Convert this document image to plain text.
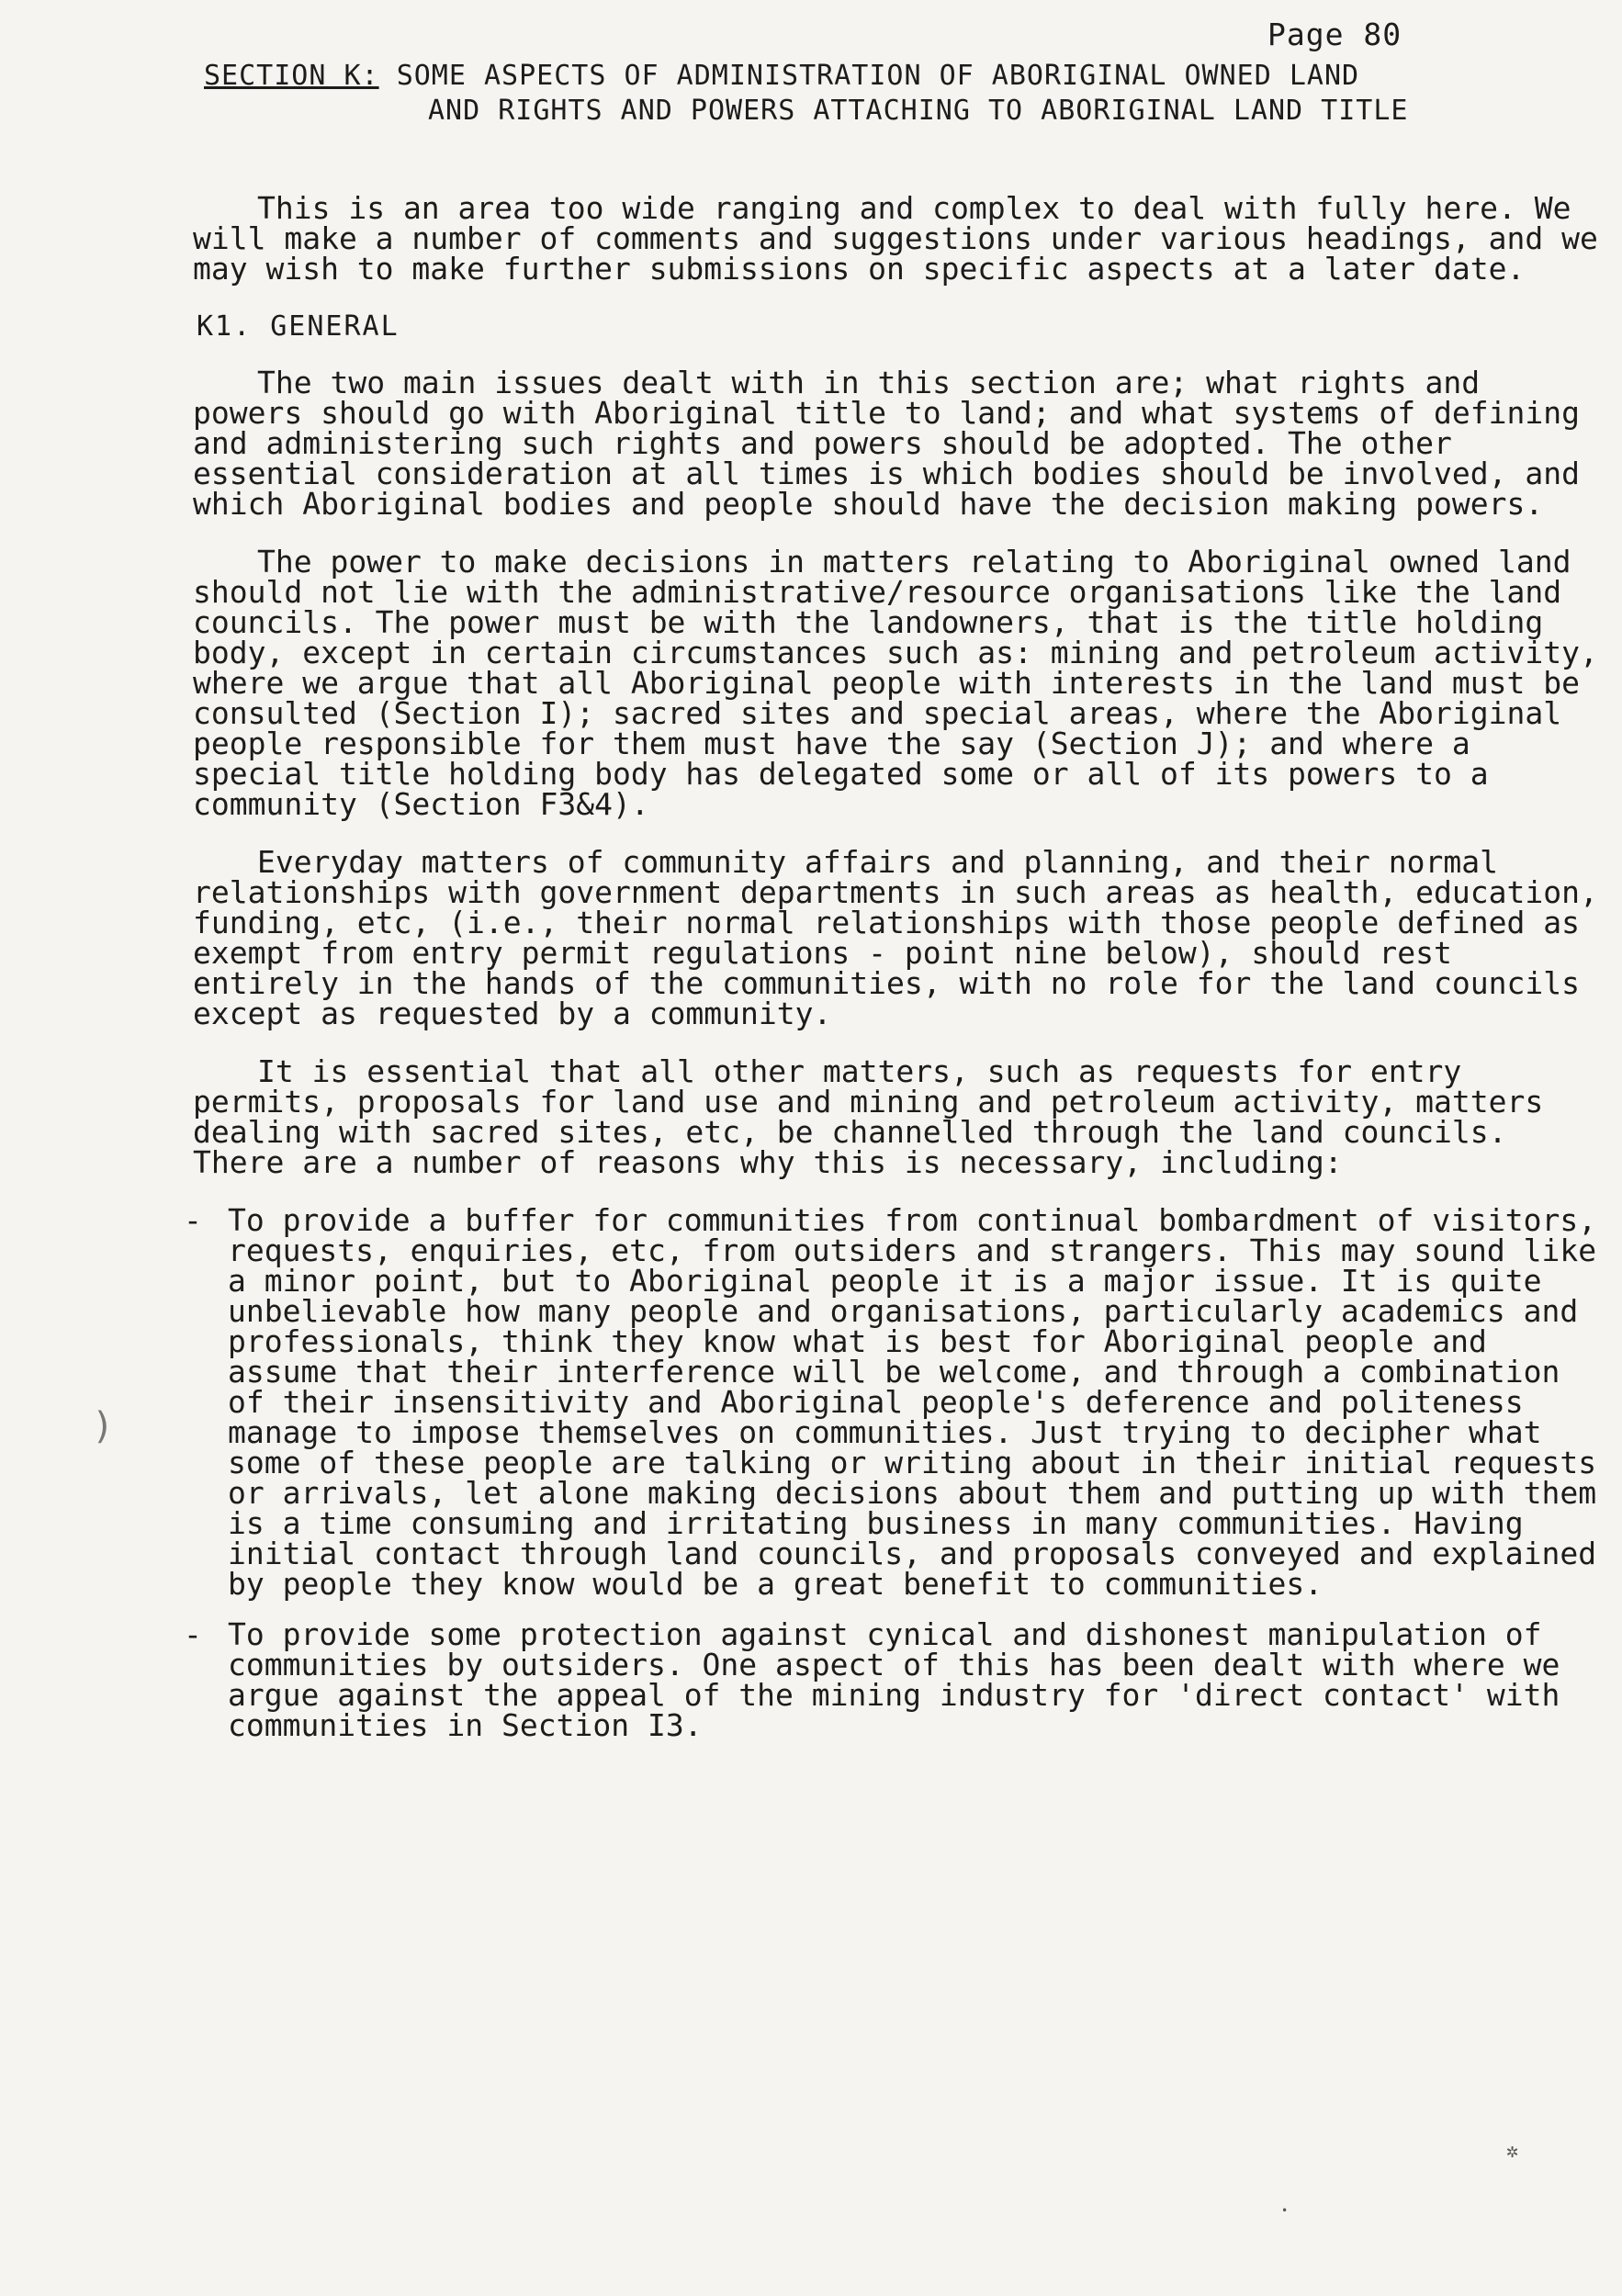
Page 80
SECTION K: SOME ASPECTS OF ADMINISTRATION OF ABORIGINAL OWNED LAND
AND RIGHTS AND POWERS ATTACHING TO ABORIGINAL LAND TITLE

This is an area too wide ranging and complex to deal with fully here. We will make a number of comments and suggestions under various headings, and we may wish to make further submissions on specific aspects at a later date.

K1. GENERAL

The two main issues dealt with in this section are; what rights and powers should go with Aboriginal title to land; and what systems of defining and administering such rights and powers should be adopted. The other essential consideration at all times is which bodies should be involved, and which Aboriginal bodies and people should have the decision making powers.

The power to make decisions in matters relating to Aboriginal owned land should not lie with the administrative/resource organisations like the land councils. The power must be with the landowners, that is the title holding body, except in certain circumstances such as: mining and petroleum activity, where we argue that all Aboriginal people with interests in the land must be consulted (Section I); sacred sites and special areas, where the Aboriginal people responsible for them must have the say (Section J); and where a special title holding body has delegated some or all of its powers to a community (Section F3&4).

Everyday matters of community affairs and planning, and their normal relationships with government departments in such areas as health, education, funding, etc, (i.e., their normal relationships with those people defined as exempt from entry permit regulations - point nine below), should rest entirely in the hands of the communities, with no role for the land councils except as requested by a community.

It is essential that all other matters, such as requests for entry permits, proposals for land use and mining and petroleum activity, matters dealing with sacred sites, etc, be channelled through the land councils. There are a number of reasons why this is necessary, including:

- To provide a buffer for communities from continual bombardment of visitors, requests, enquiries, etc, from outsiders and strangers. This may sound like a minor point, but to Aboriginal people it is a major issue. It is quite unbelievable how many people and organisations, particularly academics and professionals, think they know what is best for Aboriginal people and assume that their interference will be welcome, and through a combination of their insensitivity and Aboriginal people's deference and politeness manage to impose themselves on communities. Just trying to decipher what some of these people are talking or writing about in their initial requests or arrivals, let alone making decisions about them and putting up with them is a time consuming and irritating business in many communities. Having initial contact through land councils, and proposals conveyed and explained by people they know would be a great benefit to communities.
- To provide some protection against cynical and dishonest manipulation of communities by outsiders. One aspect of this has been dealt with where we argue against the appeal of the mining industry for 'direct contact' with communities in Section I3.
✲
•
)
